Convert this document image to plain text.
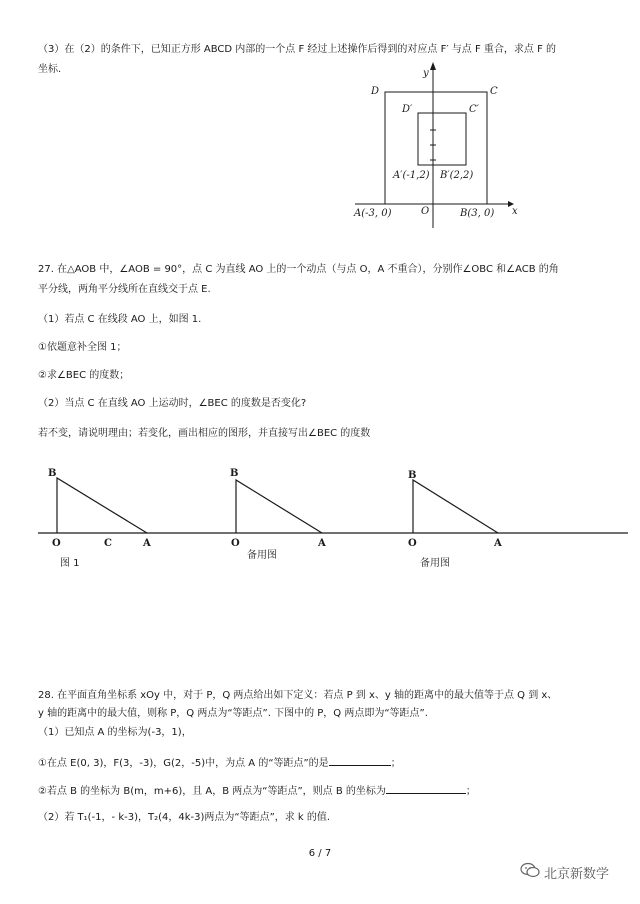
（3）在（2）的条件下，已知正方形 ABCD 内部的一个点 F 经过上述操作后得到的对应点 F′ 与点 F 重合，求点 F 的
坐标.
D	C
D′	C′
A′(-1,2) B′(2,2)
A(-3, 0)	O	B(3, 0) x
y
27. 在△AOB 中，∠AOB = 90°，点 C 为直线 AO 上的一个动点（与点 O，A 不重合），分别作∠OBC 和∠ACB 的角
平分线，两角平分线所在直线交于点 E.
（1）若点 C 在线段 AO 上，如图 1.
①依题意补全图 1；
②求∠BEC 的度数；
（2）当点 C 在直线 AO 上运动时，∠BEC 的度数是否变化?
若不变，请说明理由；若变化，画出相应的图形，并直接写出∠BEC 的度数
B
O	C	A
图 1
B
O	A
备用图
B
O	A
备用图
28. 在平面直角坐标系 xOy 中，对于 P，Q 两点给出如下定义：若点 P 到 x、y 轴的距离中的最大值等于点 Q 到 x、
y 轴的距离中的最大值，则称 P，Q 两点为“等距点”. 下图中的 P，Q 两点即为“等距点”.
（1）已知点 A 的坐标为(-3，1)，
①在点 E(0, 3)，F(3，-3)，G(2，-5)中，为点 A 的“等距点”的是	；
②若点 B 的坐标为 B(m，m+6)，且 A，B 两点为“等距点”，则点 B 的坐标为	；
（2）若 T₁(-1，- k-3)，T₂(4，4k-3)两点为“等距点”，求 k 的值.
6 / 7
北京新数学
